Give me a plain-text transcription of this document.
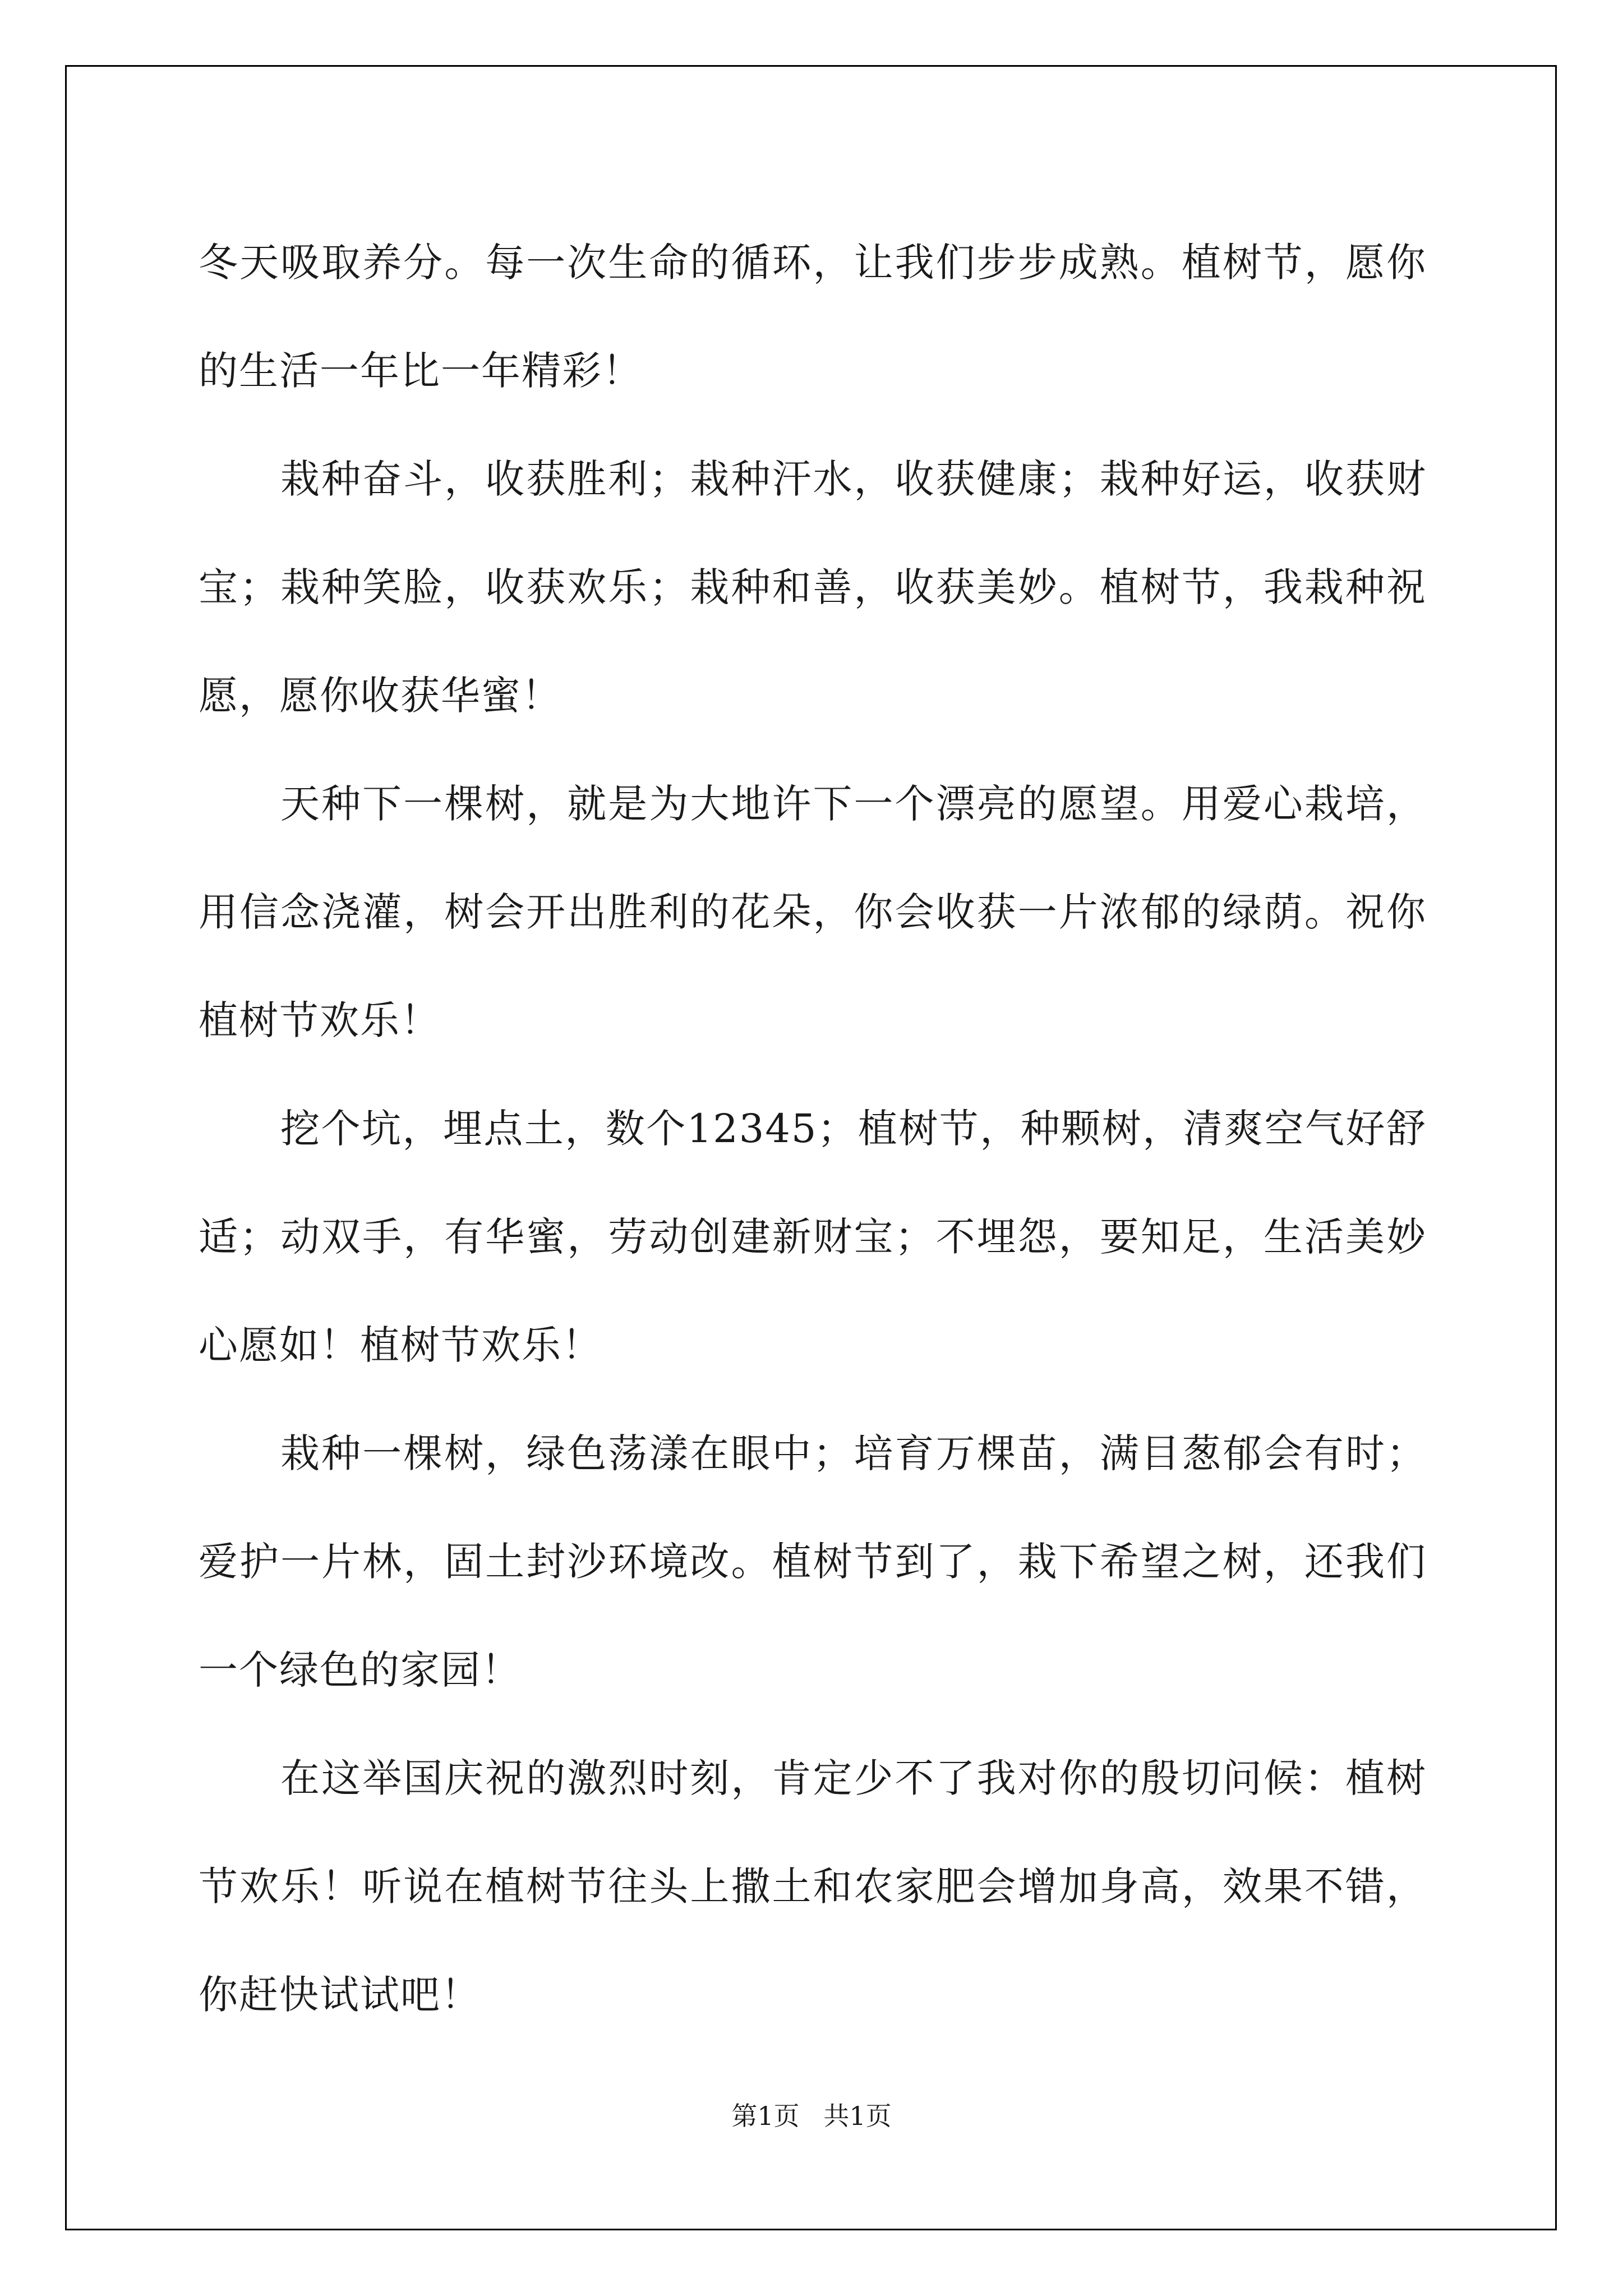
冬天吸取养分。每一次生命的循环，让我们步步成熟。植树节，愿你的生活一年比一年精彩！

栽种奋斗，收获胜利；栽种汗水，收获健康；栽种好运，收获财宝；栽种笑脸，收获欢乐；栽种和善，收获美妙。植树节，我栽种祝愿，愿你收获华蜜！

天种下一棵树，就是为大地许下一个漂亮的愿望。用爱心栽培，用信念浇灌，树会开出胜利的花朵，你会收获一片浓郁的绿荫。祝你植树节欢乐！

挖个坑，埋点土，数个12345；植树节，种颗树，清爽空气好舒适；动双手，有华蜜，劳动创建新财宝；不埋怨，要知足，生活美妙心愿如！植树节欢乐！

栽种一棵树，绿色荡漾在眼中；培育万棵苗，满目葱郁会有时；爱护一片林，固土封沙环境改。植树节到了，栽下希望之树，还我们一个绿色的家园！

在这举国庆祝的激烈时刻，肯定少不了我对你的殷切问候：植树节欢乐！听说在植树节往头上撒土和农家肥会增加身高，效果不错，你赶快试试吧！

第1页 共1页
